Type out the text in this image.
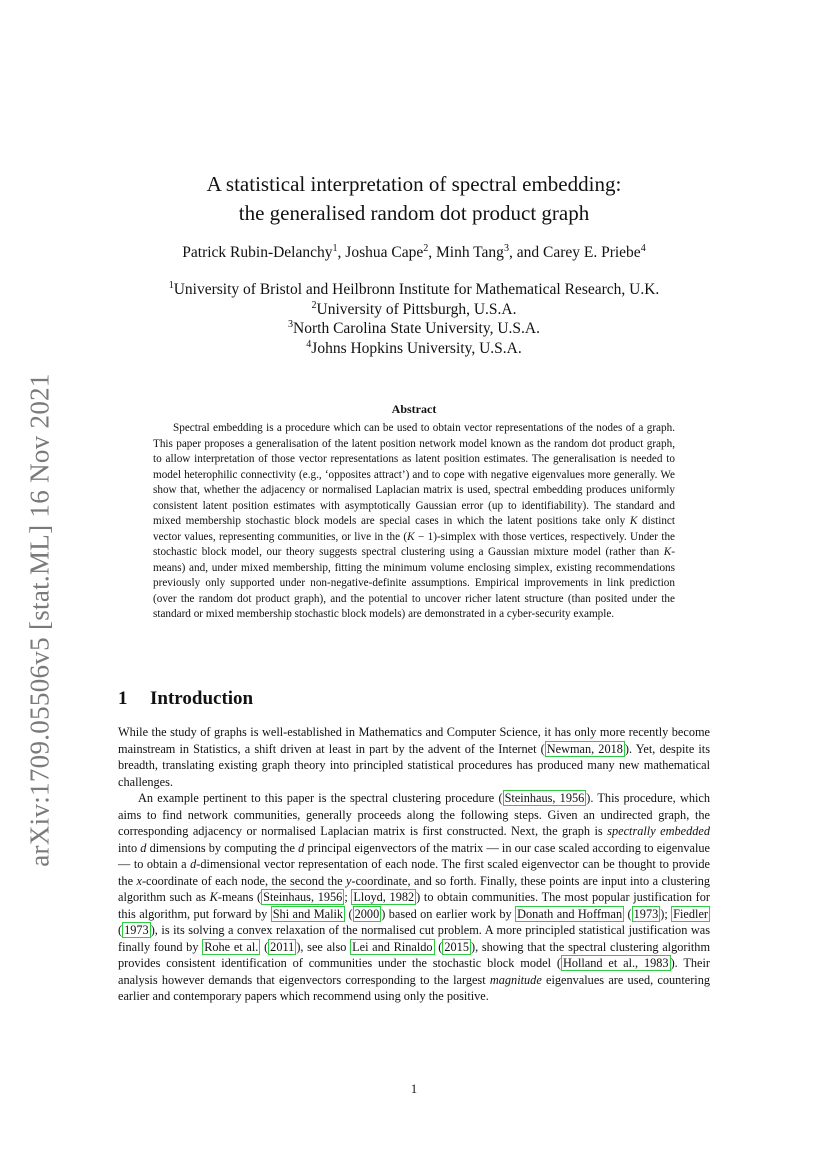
arXiv:1709.05506v5 [stat.ML] 16 Nov 2021
A statistical interpretation of spectral embedding:
the generalised random dot product graph
Patrick Rubin-Delanchy$^1$, Joshua Cape$^2$, Minh Tang$^3$, and Carey E. Priebe$^4$
$^1$University of Bristol and Heilbronn Institute for Mathematical Research, U.K.
$^2$University of Pittsburgh, U.S.A.
$^3$North Carolina State University, U.S.A.
$^4$Johns Hopkins University, U.S.A.
Abstract
Spectral embedding is a procedure which can be used to obtain vector representations of the nodes of a graph. This paper proposes a generalisation of the latent position network model known as the random dot product graph, to allow interpretation of those vector representations as latent position estimates. The generalisation is needed to model heterophilic connectivity (e.g., ‘opposites attract’) and to cope with negative eigenvalues more generally. We show that, whether the adjacency or normalised Laplacian matrix is used, spectral embedding produces uniformly consistent latent position estimates with asymptotically Gaussian error (up to identifiability). The standard and mixed membership stochastic block models are special cases in which the latent positions take only K distinct vector values, representing communities, or live in the (K − 1)-simplex with those vertices, respectively. Under the stochastic block model, our theory suggests spectral clustering using a Gaussian mixture model (rather than K-means) and, under mixed membership, fitting the minimum volume enclosing simplex, existing recommendations previously only supported under non-negative-definite assumptions. Empirical improvements in link prediction (over the random dot product graph), and the potential to uncover richer latent structure (than posited under the standard or mixed membership stochastic block models) are demonstrated in a cyber-security example.
1 Introduction

While the study of graphs is well-established in Mathematics and Computer Science, it has only more recently become mainstream in Statistics, a shift driven at least in part by the advent of the Internet ( Newman, 2018 ). Yet, despite its breadth, translating existing graph theory into principled statistical procedures has produced many new mathematical challenges.

An example pertinent to this paper is the spectral clustering procedure ( Steinhaus, 1956 ). This procedure, which aims to find network communities, generally proceeds along the following steps. Given an undirected graph, the corresponding adjacency or normalised Laplacian matrix is first constructed. Next, the graph is spectrally embedded into d dimensions by computing the d principal eigenvectors of the matrix — in our case scaled according to eigenvalue — to obtain a d-dimensional vector representation of each node. The first scaled eigenvector can be thought to provide the x-coordinate of each node, the second the y-coordinate, and so forth. Finally, these points are input into a clustering algorithm such as K-means ( Steinhaus, 1956 ; Lloyd, 1982 ) to obtain communities. The most popular justification for this algorithm, put forward by Shi and Malik ( 2000 ) based on earlier work by Donath and Hoffman ( 1973 ); Fiedler ( 1973 ), is its solving a convex relaxation of the normalised cut problem. A more principled statistical justification was finally found by Rohe et al. ( 2011 ), see also Lei and Rinaldo ( 2015 ), showing that the spectral clustering algorithm provides consistent identification of communities under the stochastic block model ( Holland et al., 1983 ). Their analysis however demands that eigenvectors corresponding to the largest magnitude eigenvalues are used, countering earlier and contemporary papers which recommend using only the positive.

1
